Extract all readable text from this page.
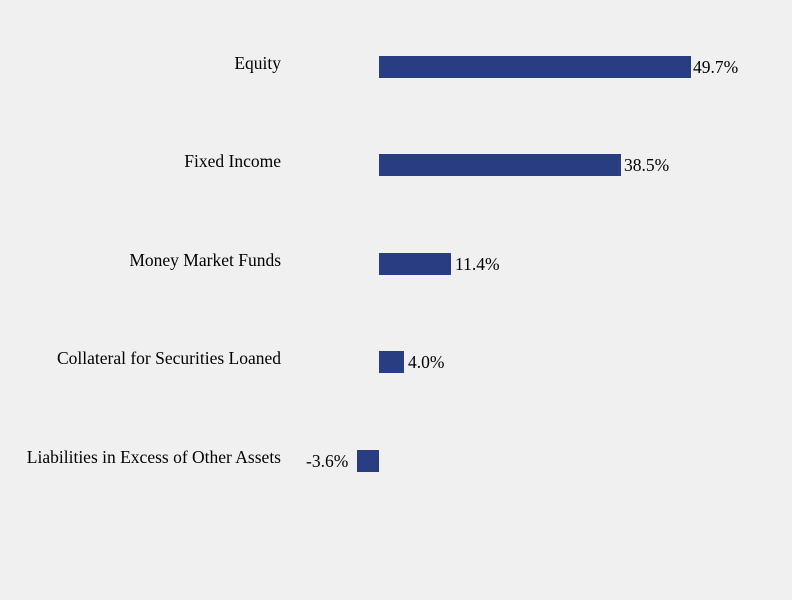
Equity	49.7%
Fixed Income	38.5%
Money Market Funds	11.4%
Collateral for Securities Loaned	4.0%
Liabilities in Excess of Other Assets -3.6%
